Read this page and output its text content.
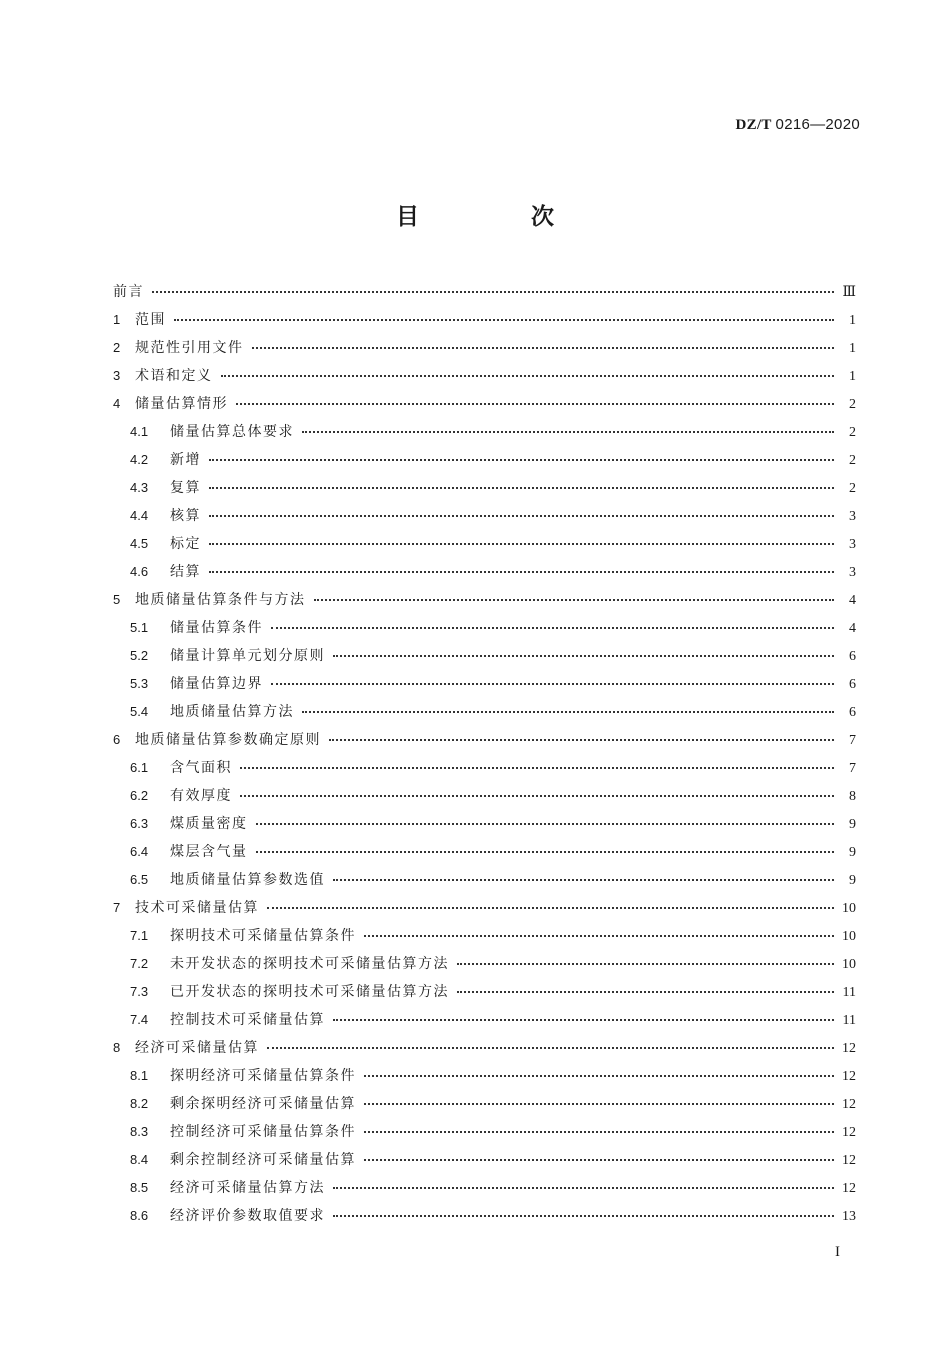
DZ/T 0216—2020
目 次
前言	Ⅲ
1	范围	1
2	规范性引用文件	1
3	术语和定义	1
4	储量估算情形	2
4.1	储量估算总体要求	2
4.2	新增	2
4.3	复算	2
4.4	核算	3
4.5	标定	3
4.6	结算	3
5	地质储量估算条件与方法	4
5.1	储量估算条件	4
5.2	储量计算单元划分原则	6
5.3	储量估算边界	6
5.4	地质储量估算方法	6
6	地质储量估算参数确定原则	7
6.1	含气面积	7
6.2	有效厚度	8
6.3	煤质量密度	9
6.4	煤层含气量	9
6.5	地质储量估算参数选值	9
7	技术可采储量估算	10
7.1	探明技术可采储量估算条件	10
7.2	未开发状态的探明技术可采储量估算方法	10
7.3	已开发状态的探明技术可采储量估算方法	11
7.4	控制技术可采储量估算	11
8	经济可采储量估算	12
8.1	探明经济可采储量估算条件	12
8.2	剩余探明经济可采储量估算	12
8.3	控制经济可采储量估算条件	12
8.4	剩余控制经济可采储量估算	12
8.5	经济可采储量估算方法	12
8.6	经济评价参数取值要求	13
I
